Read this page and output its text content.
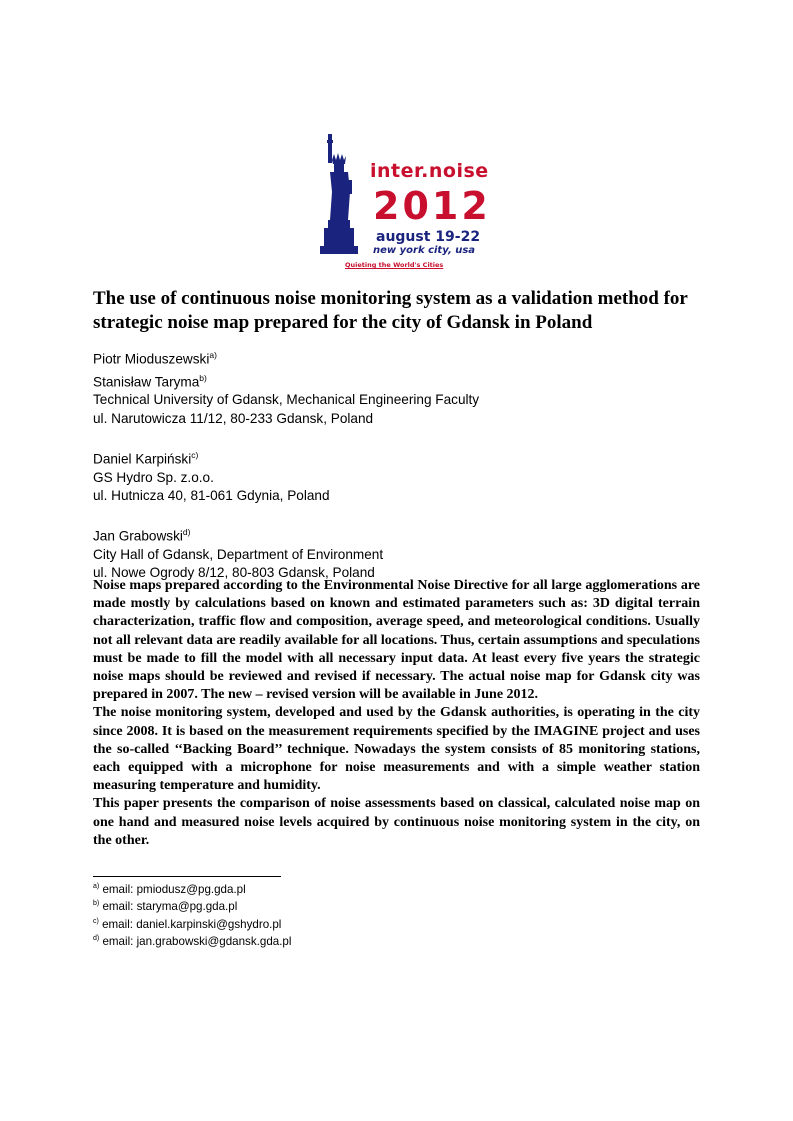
inter.noise
2012
august 19-22
new york city, usa
Quieting the World's Cities
The use of continuous noise monitoring system as a validation method for strategic noise map prepared for the city of Gdansk in Poland
Piotr Mioduszewski$^{a)}$
Stanisław Taryma$^{b)}$
Technical University of Gdansk, Mechanical Engineering Faculty
ul. Narutowicza 11/12, 80-233 Gdansk, Poland
Daniel Karpiński$^{c)}$
GS Hydro Sp. z.o.o.
ul. Hutnicza 40, 81-061 Gdynia, Poland
Jan Grabowski$^{d)}$
City Hall of Gdansk, Department of Environment
ul. Nowe Ogrody 8/12, 80-803 Gdansk, Poland

Noise maps prepared according to the Environmental Noise Directive for all large agglomerations are made mostly by calculations based on known and estimated parameters such as: 3D digital terrain characterization, traffic flow and composition, average speed, and meteorological conditions. Usually not all relevant data are readily available for all locations. Thus, certain assumptions and speculations must be made to fill the model with all necessary input data. At least every five years the strategic noise maps should be reviewed and revised if necessary. The actual noise map for Gdansk city was prepared in 2007. The new – revised version will be available in June 2012.

The noise monitoring system, developed and used by the Gdansk authorities, is operating in the city since 2008. It is based on the measurement requirements specified by the IMAGINE project and uses the so-called ‘‘Backing Board’’ technique. Nowadays the system consists of 85 monitoring stations, each equipped with a microphone for noise measurements and with a simple weather station measuring temperature and humidity.

This paper presents the comparison of noise assessments based on classical, calculated noise map on one hand and measured noise levels acquired by continuous noise monitoring system in the city, on the other.

$^{a)}$ email: pmiodusz@pg.gda.pl
$^{b)}$ email: staryma@pg.gda.pl
$^{c)}$ email: daniel.karpinski@gshydro.pl
$^{d)}$ email: jan.grabowski@gdansk.gda.pl
